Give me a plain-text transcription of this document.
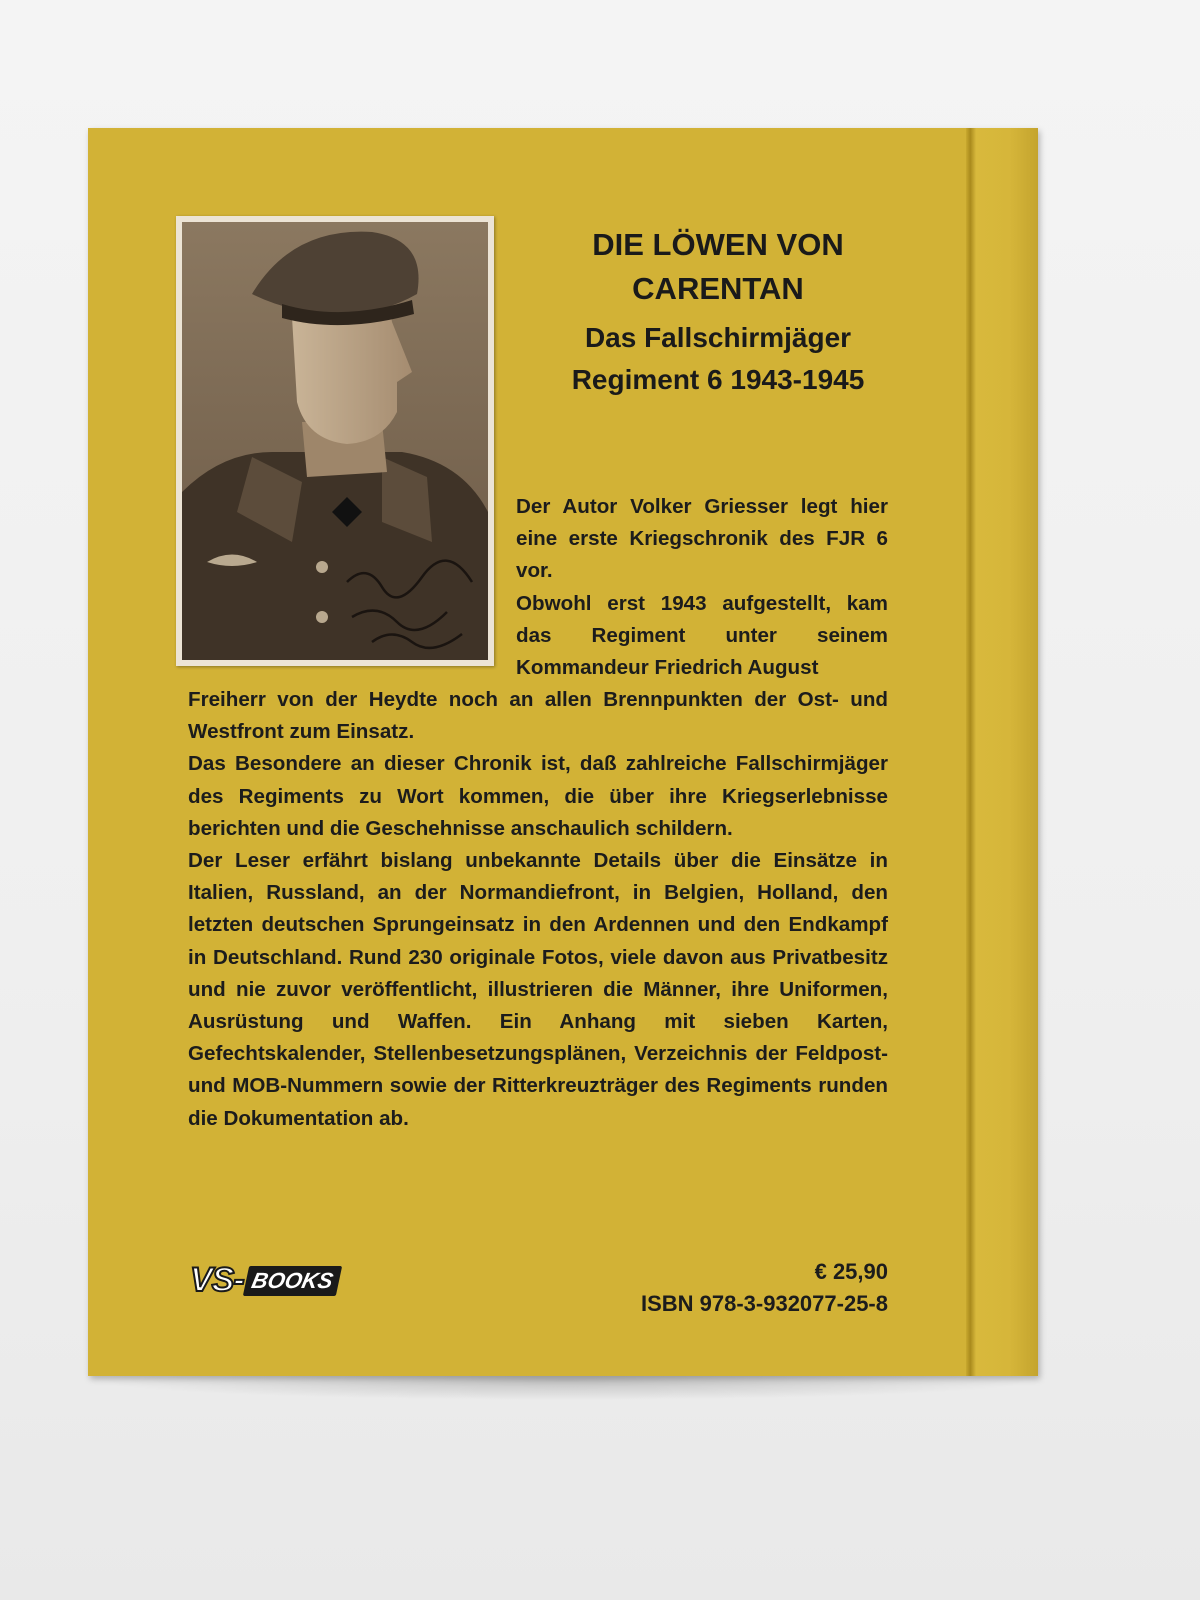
DIE LÖWEN VON
CARENTAN
Das Fallschirmjäger
Regiment 6 1943-1945

Der Autor Volker Griesser legt hier eine erste Kriegschronik des FJR 6 vor.

Obwohl erst 1943 aufgestellt, kam das Regiment unter seinem Kommandeur Friedrich August

Freiherr von der Heydte noch an allen Brennpunkten der Ost- und Westfront zum Einsatz.

Das Besondere an dieser Chronik ist, daß zahlreiche Fallschirmjäger des Regiments zu Wort kommen, die über ihre Kriegserlebnisse berichten und die Geschehnisse anschaulich schildern.

Der Leser erfährt bislang unbekannte Details über die Einsätze in Italien, Russland, an der Normandiefront, in Belgien, Holland, den letzten deutschen Sprungeinsatz in den Ardennen und den Endkampf in Deutschland. Rund 230 originale Fotos, viele davon aus Privatbesitz und nie zuvor veröffentlicht, illustrieren die Männer, ihre Uniformen, Ausrüstung und Waffen. Ein Anhang mit sieben Karten, Gefechtskalender, Stellenbesetzungsplänen, Verzeichnis der Feldpost- und MOB-Nummern sowie der Ritterkreuzträger des Regiments runden die Dokumentation ab.

VS- BOOKS	€ 25,90
ISBN 978-3-932077-25-8
